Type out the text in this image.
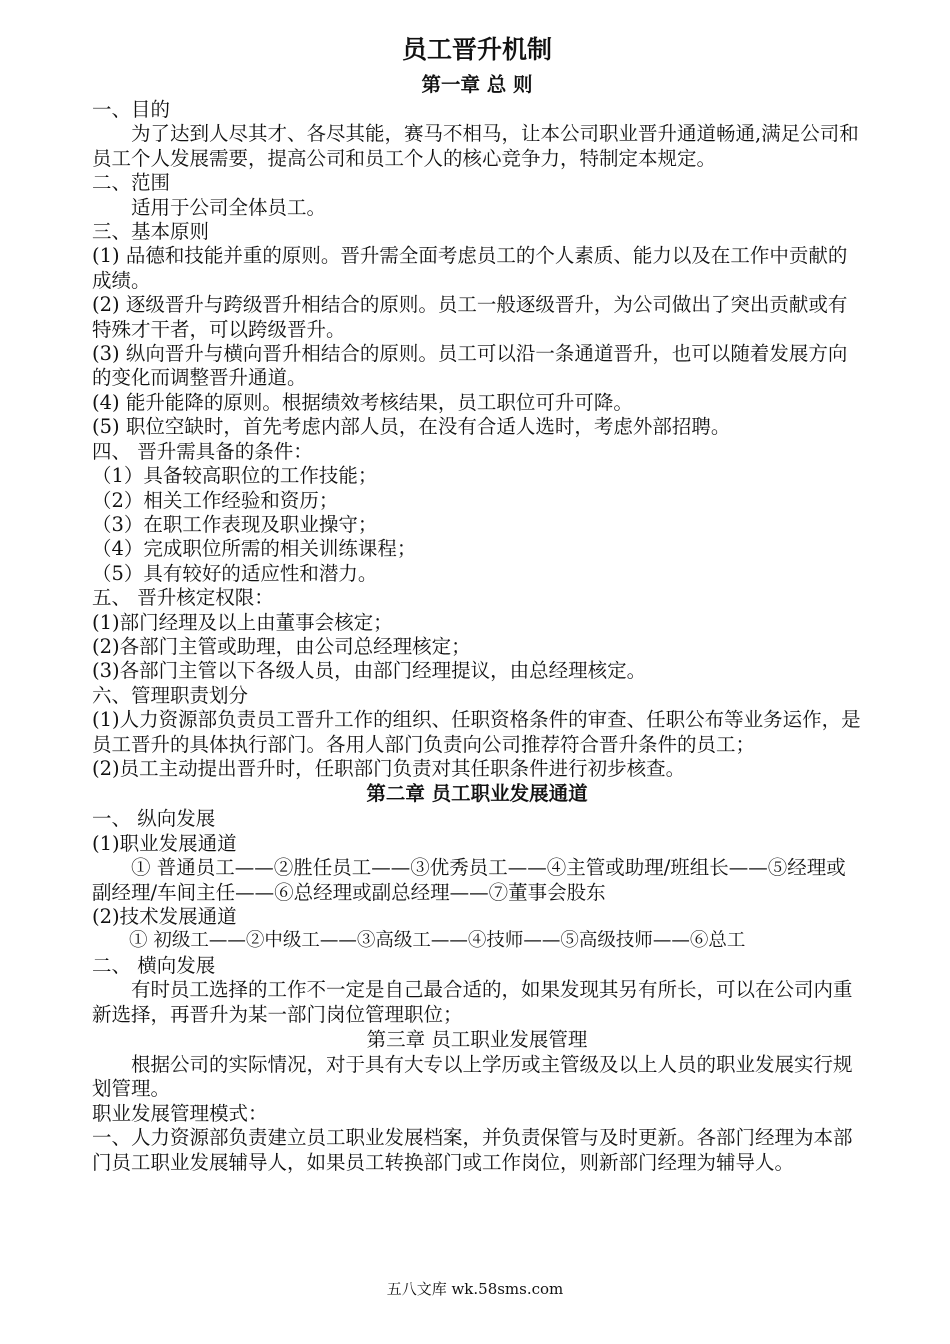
员工晋升机制
第一章 总 则

一、目的

为了达到人尽其才、各尽其能，赛马不相马，让本公司职业晋升通道畅通,满足公司和员工个人发展需要，提高公司和员工个人的核心竞争力，特制定本规定。

二、范围

适用于公司全体员工。

三、基本原则

(1) 品德和技能并重的原则。晋升需全面考虑员工的个人素质、能力以及在工作中贡献的成绩。

(2) 逐级晋升与跨级晋升相结合的原则。员工一般逐级晋升，为公司做出了突出贡献或有特殊才干者，可以跨级晋升。

(3) 纵向晋升与横向晋升相结合的原则。员工可以沿一条通道晋升，也可以随着发展方向的变化而调整晋升通道。

(4) 能升能降的原则。根据绩效考核结果，员工职位可升可降。

(5) 职位空缺时，首先考虑内部人员，在没有合适人选时，考虑外部招聘。

四、 晋升需具备的条件：

（1）具备较高职位的工作技能；

（2）相关工作经验和资历；

（3）在职工作表现及职业操守；

（4）完成职位所需的相关训练课程；

（5）具有较好的适应性和潜力。

五、 晋升核定权限：

(1)部门经理及以上由董事会核定；

(2)各部门主管或助理，由公司总经理核定；

(3)各部门主管以下各级人员，由部门经理提议，由总经理核定。

六、管理职责划分

(1)人力资源部负责员工晋升工作的组织、任职资格条件的审查、任职公布等业务运作，是员工晋升的具体执行部门。各用人部门负责向公司推荐符合晋升条件的员工；

(2)员工主动提出晋升时，任职部门负责对其任职条件进行初步核查。

第二章 员工职业发展通道

一、 纵向发展

(1)职业发展通道

① 普通员工——②胜任员工——③优秀员工——④主管或助理/班组长——⑤经理或副经理/车间主任——⑥总经理或副总经理——⑦董事会股东

(2)技术发展通道

① 初级工——②中级工——③高级工——④技师——⑤高级技师——⑥总工

二、 横向发展

有时员工选择的工作不一定是自己最合适的，如果发现其另有所长，可以在公司内重新选择，再晋升为某一部门岗位管理职位；

第三章 员工职业发展管理

根据公司的实际情况，对于具有大专以上学历或主管级及以上人员的职业发展实行规划管理。

职业发展管理模式：

一、人力资源部负责建立员工职业发展档案，并负责保管与及时更新。各部门经理为本部门员工职业发展辅导人，如果员工转换部门或工作岗位，则新部门经理为辅导人。

五八文库 wk.58sms.com
